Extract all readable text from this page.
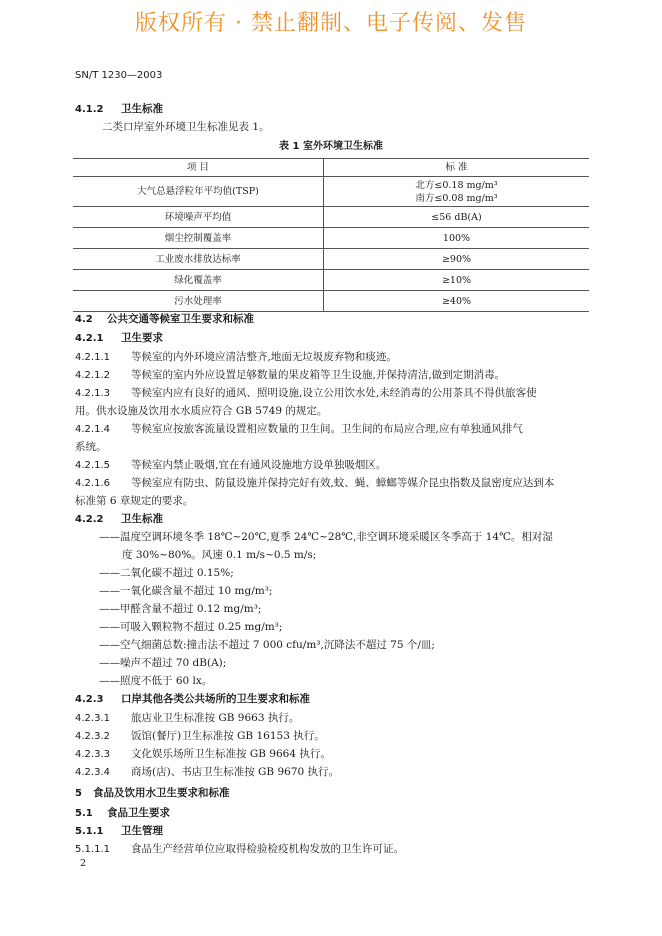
版权所有 · 禁止翻制、电子传阅、发售
SN/T 1230—2003
4.1.2 卫生标准
二类口岸室外环境卫生标准见表 1。
表 1 室外环境卫生标准
项 目	标 准
大气总悬浮粒年平均值(TSP)	北方≤0.18 mg/m³
南方≤0.08 mg/m³

环境噪声平均值	≤56 dB(A)
烟尘控制覆盖率	100%
工业废水排放达标率	≥90%
绿化覆盖率	≥10%
污水处理率	≥40%
4.2 公共交通等候室卫生要求和标准
4.2.1 卫生要求
4.2.1.1 等候室的内外环境应清洁整齐,地面无垃圾废弃物和痰迹。
4.2.1.2 等候室的室内外应设置足够数量的果皮箱等卫生设施,并保持清洁,做到定期消毒。
4.2.1.3 等候室内应有良好的通风、照明设施,设立公用饮水处,未经消毒的公用茶具不得供旅客使
用。供水设施及饮用水水质应符合 GB 5749 的规定。
4.2.1.4 等候室应按旅客流量设置相应数量的卫生间。卫生间的布局应合理,应有单独通风排气
系统。
4.2.1.5 等候室内禁止吸烟,宜在有通风设施地方设单独吸烟区。
4.2.1.6 等候室应有防虫、防鼠设施并保持完好有效,蚊、蝇、蟑螂等媒介昆虫指数及鼠密度应达到本
标准第 6 章规定的要求。
4.2.2 卫生标准
——温度空调环境冬季 18℃~20℃,夏季 24℃~28℃,非空调环境采暖区冬季高于 14℃。相对湿
度 30%~80%。风速 0.1 m/s~0.5 m/s;
——二氧化碳不超过 0.15%;
——一氧化碳含量不超过 10 mg/m³;
——甲醛含量不超过 0.12 mg/m³;
——可吸入颗粒物不超过 0.25 mg/m³;
——空气细菌总数:撞击法不超过 7 000 cfu/m³,沉降法不超过 75 个/皿;
——噪声不超过 70 dB(A);
——照度不低于 60 lx。
4.2.3 口岸其他各类公共场所的卫生要求和标准
4.2.3.1 旅店业卫生标准按 GB 9663 执行。
4.2.3.2 饭馆(餐厅)卫生标准按 GB 16153 执行。
4.2.3.3 文化娱乐场所卫生标准按 GB 9664 执行。
4.2.3.4 商场(店)、书店卫生标准按 GB 9670 执行。
5 食品及饮用水卫生要求和标准
5.1 食品卫生要求
5.1.1 卫生管理
5.1.1.1 食品生产经营单位应取得检验检疫机构发放的卫生许可证。
2
